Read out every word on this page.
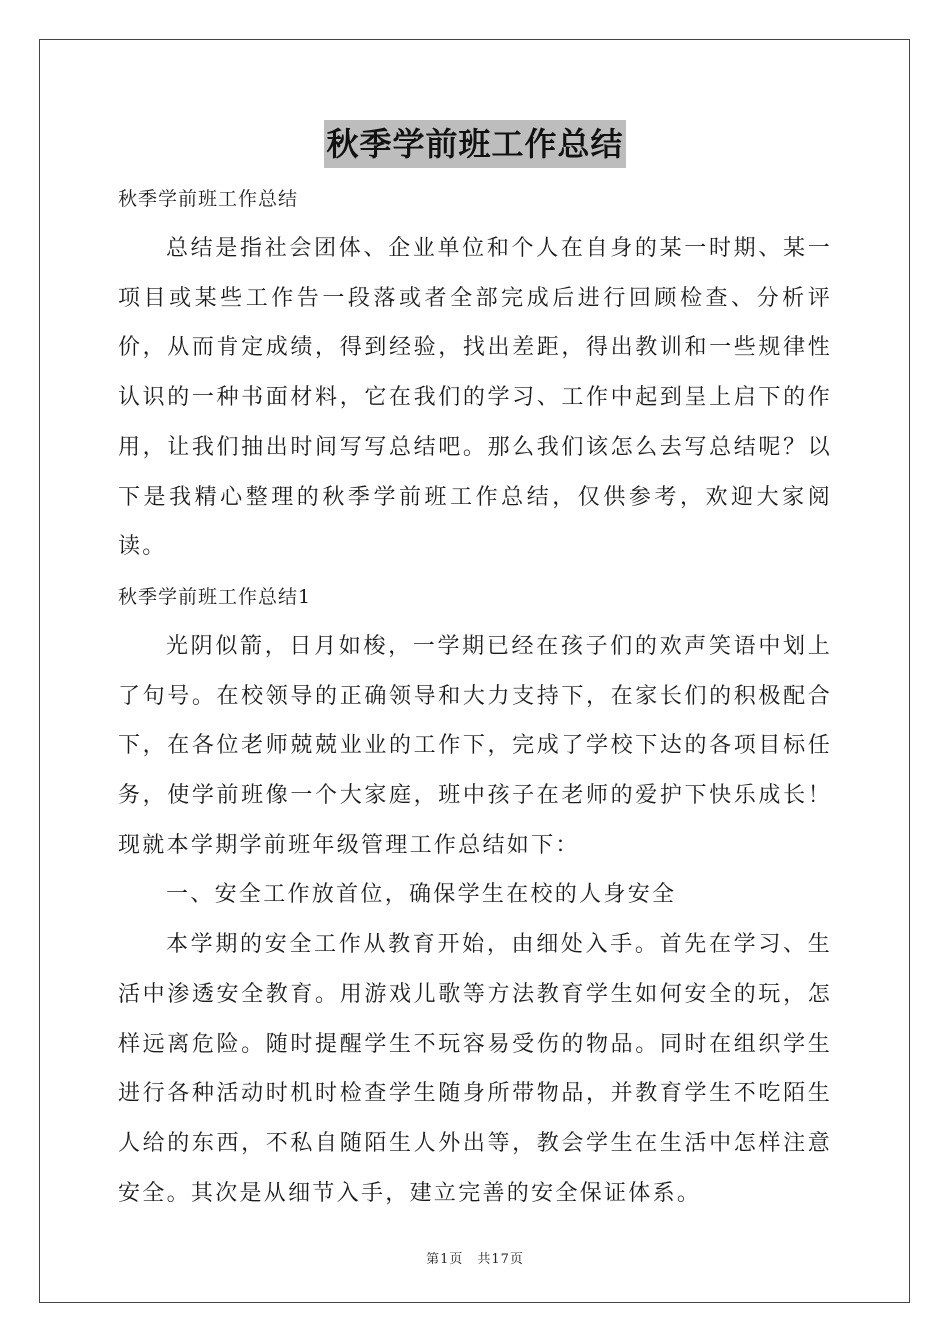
秋季学前班工作总结

秋季学前班工作总结

总结是指社会团体、企业单位和个人在自身的某一时期、某一项目或某些工作告一段落或者全部完成后进行回顾检查、分析评价，从而肯定成绩，得到经验，找出差距，得出教训和一些规律性认识的一种书面材料，它在我们的学习、工作中起到呈上启下的作用，让我们抽出时间写写总结吧。那么我们该怎么去写总结呢？以下是我精心整理的秋季学前班工作总结，仅供参考，欢迎大家阅读。

秋季学前班工作总结1

光阴似箭，日月如梭，一学期已经在孩子们的欢声笑语中划上了句号。在校领导的正确领导和大力支持下，在家长们的积极配合下，在各位老师兢兢业业的工作下，完成了学校下达的各项目标任务，使学前班像一个大家庭，班中孩子在老师的爱护下快乐成长！现就本学期学前班年级管理工作总结如下：

一、安全工作放首位，确保学生在校的人身安全

本学期的安全工作从教育开始，由细处入手。首先在学习、生活中渗透安全教育。用游戏儿歌等方法教育学生如何安全的玩，怎样远离危险。随时提醒学生不玩容易受伤的物品。同时在组织学生进行各种活动时机时检查学生随身所带物品，并教育学生不吃陌生人给的东西，不私自随陌生人外出等，教会学生在生活中怎样注意安全。其次是从细节入手，建立完善的安全保证体系。

第1页　共17页
